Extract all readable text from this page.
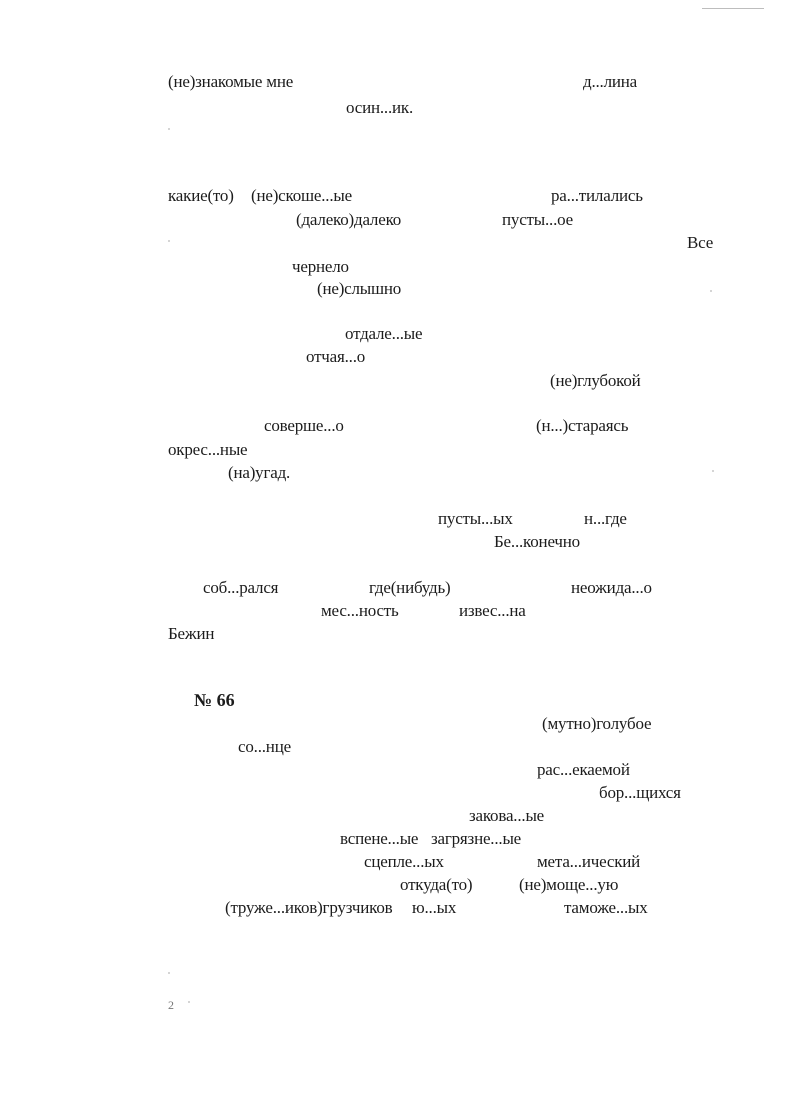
(не)знакомые мне	д...лина
осин...ик.
какие(то) (не)скоше...ые	ра...тилались
(далеко)далеко	пусты...ое
Все
чернело
(не)слышно
отдале...ые
отчая...о
(не)глубокой
соверше...о	(н...)стараясь
окрес...ные
(на)угад.
пусты...ых	н...где
Бе...конечно
соб...рался	где(нибудь)	неожида...о
мес...ность	извес...на
Бежин
№ 66
(мутно)голубое
со...нце
рас...екаемой
бор...щихся
закова...ые
вспене...ые загрязне...ые
сцепле...ых	мета...ический
откуда(то)	(не)моще...ую
(труже...иков)грузчиков ю...ых	таможе...ых
2
